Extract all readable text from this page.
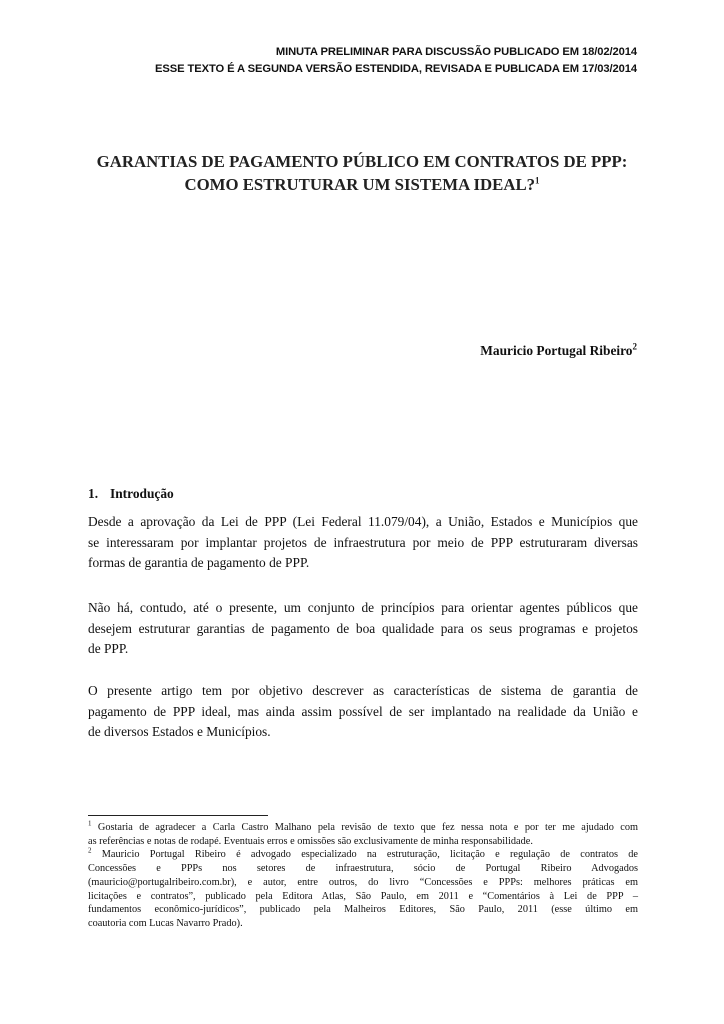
MINUTA PRELIMINAR PARA DISCUSSÃO PUBLICADO EM 18/02/2014
ESSE TEXTO É A SEGUNDA VERSÃO ESTENDIDA, REVISADA E PUBLICADA EM 17/03/2014
GARANTIAS DE PAGAMENTO PÚBLICO EM CONTRATOS DE PPP:
COMO ESTRUTURAR UM SISTEMA IDEAL?$^1$
Mauricio Portugal Ribeiro$^2$
1. Introdução
Desde a aprovação da Lei de PPP (Lei Federal 11.079/04), a União, Estados e Municípios que
se interessaram por implantar projetos de infraestrutura por meio de PPP estruturaram diversas
formas de garantia de pagamento de PPP.
Não há, contudo, até o presente, um conjunto de princípios para orientar agentes públicos que
desejem estruturar garantias de pagamento de boa qualidade para os seus programas e projetos
de PPP.
O presente artigo tem por objetivo descrever as características de sistema de garantia de
pagamento de PPP ideal, mas ainda assim possível de ser implantado na realidade da União e
de diversos Estados e Municípios.
$^1$ Gostaria de agradecer a Carla Castro Malhano pela revisão de texto que fez nessa nota e por ter me ajudado com
as referências e notas de rodapé. Eventuais erros e omissões são exclusivamente de minha responsabilidade.
$^2$ Mauricio Portugal Ribeiro é advogado especializado na estruturação, licitação e regulação de contratos de
Concessões e PPPs nos setores de infraestrutura, sócio de Portugal Ribeiro Advogados
(mauricio@portugalribeiro.com.br), e autor, entre outros, do livro “Concessões e PPPs: melhores práticas em
licitações e contratos”, publicado pela Editora Atlas, São Paulo, em 2011 e “Comentários à Lei de PPP –
fundamentos econômico-jurídicos”, publicado pela Malheiros Editores, São Paulo, 2011 (esse último em
coautoria com Lucas Navarro Prado).
